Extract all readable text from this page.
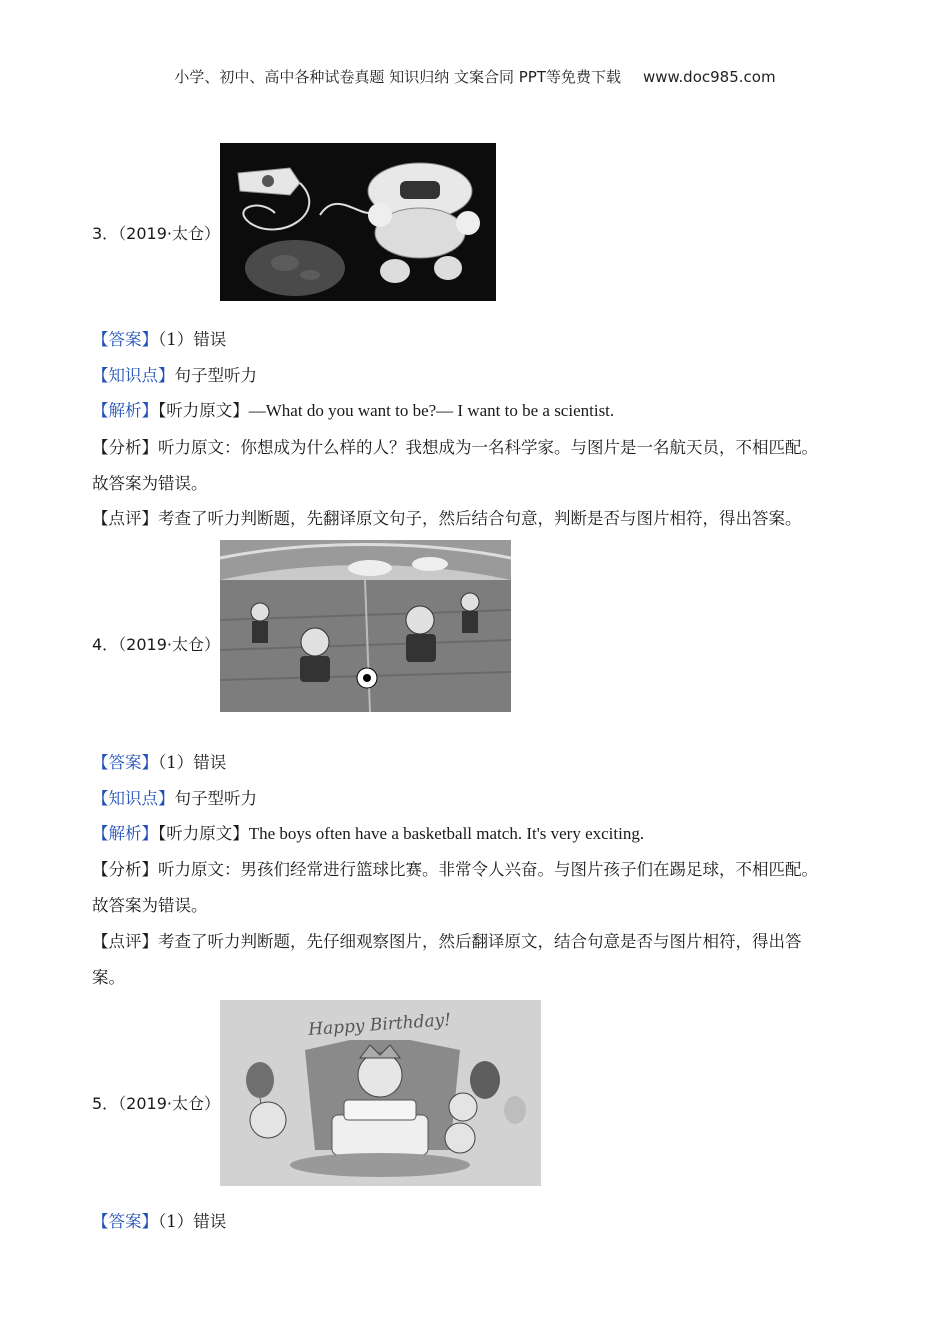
小学、初中、高中各种试卷真题 知识归纳 文案合同 PPT等免费下载 www.doc985.com
3．（2019·太仓）
【答案】（1）错误
【知识点】句子型听力
【解析】【听力原文】—What do you want to be?— I want to be a scientist.
【分析】听力原文：你想成为什么样的人？我想成为一名科学家。与图片是一名航天员，不相匹配。
故答案为错误。
【点评】考查了听力判断题，先翻译原文句子，然后结合句意，判断是否与图片相符，得出答案。
4．（2019·太仓）
【答案】（1）错误
【知识点】句子型听力
【解析】【听力原文】The boys often have a basketball match. It's very exciting.
【分析】听力原文：男孩们经常进行篮球比赛。非常令人兴奋。与图片孩子们在踢足球，不相匹配。
故答案为错误。
【点评】考查了听力判断题，先仔细观察图片，然后翻译原文，结合句意是否与图片相符，得出答
案。
5．（2019·太仓）
Happy Birthday!
【答案】（1）错误
